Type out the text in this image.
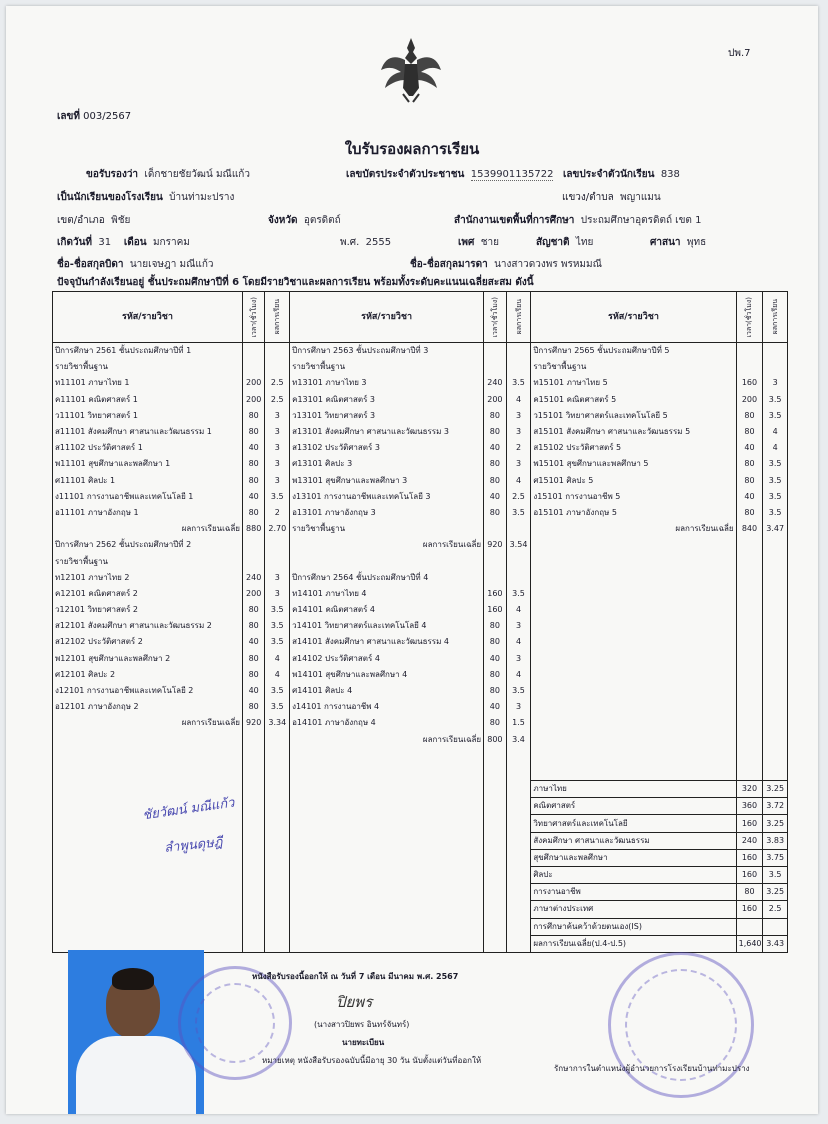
ปพ.7
เลขที่ 003/2567
ใบรับรองผลการเรียน
ขอรับรองว่า เด็กชายชัยวัฒน์ มณีแก้ว	เลขบัตรประจำตัวประชาชน 1539901135722 เลขประจำตัวนักเรียน 838
เป็นนักเรียนของโรงเรียน บ้านท่ามะปราง	แขวง/ตำบล พญาแมน
เขต/อำเภอ พิชัย	จังหวัด อุตรดิตถ์	สำนักงานเขตพื้นที่การศึกษา ประถมศึกษาอุตรดิตถ์ เขต 1
เกิดวันที่ 31 เดือน มกราคม	พ.ศ. 2555	เพศ ชาย	สัญชาติ ไทย	ศาสนา พุทธ
ชื่อ-ชื่อสกุลบิดา นายเจษฎา มณีแก้ว	ชื่อ-ชื่อสกุลมารดา นางสาวดวงพร พรหมมณี
ปัจจุบันกำลังเรียนอยู่ ชั้นประถมศึกษาปีที่ 6 โดยมีรายวิชาและผลการเรียน พร้อมทั้งระดับคะแนนเฉลี่ยสะสม ดังนี้
รหัส/รายวิชา	เวลา(ชั่วโมง)	ผลการเรียน	รหัส/รายวิชา	เวลา(ชั่วโมง)	ผลการเรียน	รหัส/รายวิชา	เวลา(ชั่วโมง)	ผลการเรียน

ปีการศึกษา 2561 ชั้นประถมศึกษาปีที่ 1			ปีการศึกษา 2563 ชั้นประถมศึกษาปีที่ 3			ปีการศึกษา 2565 ชั้นประถมศึกษาปีที่ 5		
รายวิชาพื้นฐาน			รายวิชาพื้นฐาน			รายวิชาพื้นฐาน		
ท11101 ภาษาไทย 1	200	2.5	ท13101 ภาษาไทย 3	240	3.5	ท15101 ภาษาไทย 5	160	3
ค11101 คณิตศาสตร์ 1	200	2.5	ค13101 คณิตศาสตร์ 3	200	4	ค15101 คณิตศาสตร์ 5	200	3.5
ว11101 วิทยาศาสตร์ 1	80	3	ว13101 วิทยาศาสตร์ 3	80	3	ว15101 วิทยาศาสตร์และเทคโนโลยี 5	80	3.5
ส11101 สังคมศึกษา ศาสนาและวัฒนธรรม 1	80	3	ส13101 สังคมศึกษา ศาสนาและวัฒนธรรม 3	80	3	ส15101 สังคมศึกษา ศาสนาและวัฒนธรรม 5	80	4
ส11102 ประวัติศาสตร์ 1	40	3	ส13102 ประวัติศาสตร์ 3	40	2	ส15102 ประวัติศาสตร์ 5	40	4
พ11101 สุขศึกษาและพลศึกษา 1	80	3	ศ13101 ศิลปะ 3	80	3	พ15101 สุขศึกษาและพลศึกษา 5	80	3.5
ศ11101 ศิลปะ 1	80	3	พ13101 สุขศึกษาและพลศึกษา 3	80	4	ศ15101 ศิลปะ 5	80	3.5
ง11101 การงานอาชีพและเทคโนโลยี 1	40	3.5	ง13101 การงานอาชีพและเทคโนโลยี 3	40	2.5	ง15101 การงานอาชีพ 5	40	3.5
อ11101 ภาษาอังกฤษ 1	80	2	อ13101 ภาษาอังกฤษ 3	80	3.5	อ15101 ภาษาอังกฤษ 5	80	3.5
ผลการเรียนเฉลี่ย	880	2.70	รายวิชาพื้นฐาน			ผลการเรียนเฉลี่ย	840	3.47
ปีการศึกษา 2562 ชั้นประถมศึกษาปีที่ 2			ผลการเรียนเฉลี่ย	920	3.54			
รายวิชาพื้นฐาน								
ท12101 ภาษาไทย 2	240	3	ปีการศึกษา 2564 ชั้นประถมศึกษาปีที่ 4					
ค12101 คณิตศาสตร์ 2	200	3	ท14101 ภาษาไทย 4	160	3.5			
ว12101 วิทยาศาสตร์ 2	80	3.5	ค14101 คณิตศาสตร์ 4	160	4			
ส12101 สังคมศึกษา ศาสนาและวัฒนธรรม 2	80	3.5	ว14101 วิทยาศาสตร์และเทคโนโลยี 4	80	3			
ส12102 ประวัติศาสตร์ 2	40	3.5	ส14101 สังคมศึกษา ศาสนาและวัฒนธรรม 4	80	4			
พ12101 สุขศึกษาและพลศึกษา 2	80	4	ส14102 ประวัติศาสตร์ 4	40	3			
ศ12101 ศิลปะ 2	80	4	พ14101 สุขศึกษาและพลศึกษา 4	80	4			
ง12101 การงานอาชีพและเทคโนโลยี 2	40	3.5	ศ14101 ศิลปะ 4	80	3.5			
อ12101 ภาษาอังกฤษ 2	80	3.5	ง14101 การงานอาชีพ 4	40	3			
ผลการเรียนเฉลี่ย	920	3.34	อ14101 ภาษาอังกฤษ 4	80	1.5			
			ผลการเรียนเฉลี่ย	800	3.4			

						ภาษาไทย	320	3.25
						คณิตศาสตร์	360	3.72
						วิทยาศาสตร์และเทคโนโลยี	160	3.25
						สังคมศึกษา ศาสนาและวัฒนธรรม	240	3.83
						สุขศึกษาและพลศึกษา	160	3.75
						ศิลปะ	160	3.5
						การงานอาชีพ	80	3.25
						ภาษาต่างประเทศ	160	2.5
						การศึกษาค้นคว้าด้วยตนเอง(IS)		
						ผลการเรียนเฉลี่ย(ป.4-ป.5)	1,640	3.43
ชัยวัฒน์ มณีแก้ว
ลำพูนดุษฎี
หนังสือรับรองนี้ออกให้ ณ วันที่ 7 เดือน มีนาคม พ.ศ. 2567
ปิยพร
(นางสาวปิยพร อินทร์จันทร์)
นายทะเบียน
หมายเหตุ หนังสือรับรองฉบับนี้มีอายุ 30 วัน นับตั้งแต่วันที่ออกให้
รักษาการในตำแหน่งผู้อำนวยการโรงเรียนบ้านท่ามะปราง
